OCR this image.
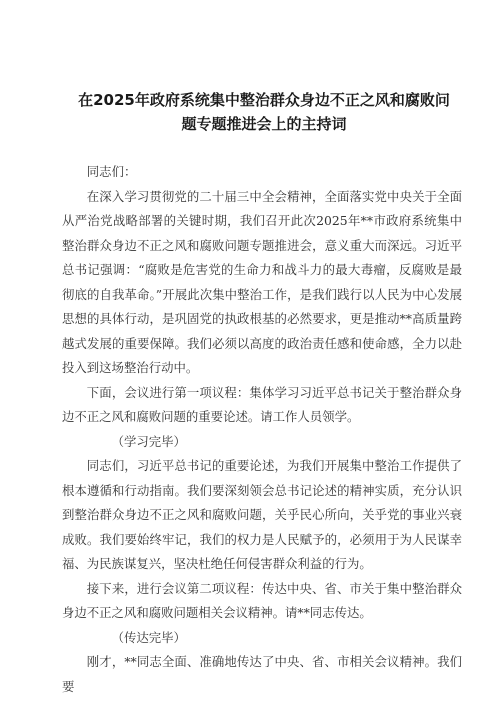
在2025年政府系统集中整治群众身边不正之风和腐败问题专题推进会上的主持词

同志们：

在深入学习贯彻党的二十届三中全会精神，全面落实党中央关于全面从严治党战略部署的关键时期，我们召开此次2025年**市政府系统集中整治群众身边不正之风和腐败问题专题推进会，意义重大而深远。习近平总书记强调：“腐败是危害党的生命力和战斗力的最大毒瘤，反腐败是最彻底的自我革命。”开展此次集中整治工作，是我们践行以人民为中心发展思想的具体行动，是巩固党的执政根基的必然要求，更是推动**高质量跨越式发展的重要保障。我们必须以高度的政治责任感和使命感，全力以赴投入到这场整治行动中。

下面，会议进行第一项议程：集体学习习近平总书记关于整治群众身边不正之风和腐败问题的重要论述。请工作人员领学。

（学习完毕）

同志们，习近平总书记的重要论述，为我们开展集中整治工作提供了根本遵循和行动指南。我们要深刻领会总书记论述的精神实质，充分认识到整治群众身边不正之风和腐败问题，关乎民心所向，关乎党的事业兴衰成败。我们要始终牢记，我们的权力是人民赋予的，必须用于为人民谋幸福、为民族谋复兴，坚决杜绝任何侵害群众利益的行为。

接下来，进行会议第二项议程：传达中央、省、市关于集中整治群众身边不正之风和腐败问题相关会议精神。请**同志传达。

（传达完毕）

刚才，**同志全面、准确地传达了中央、省、市相关会议精神。我们要
